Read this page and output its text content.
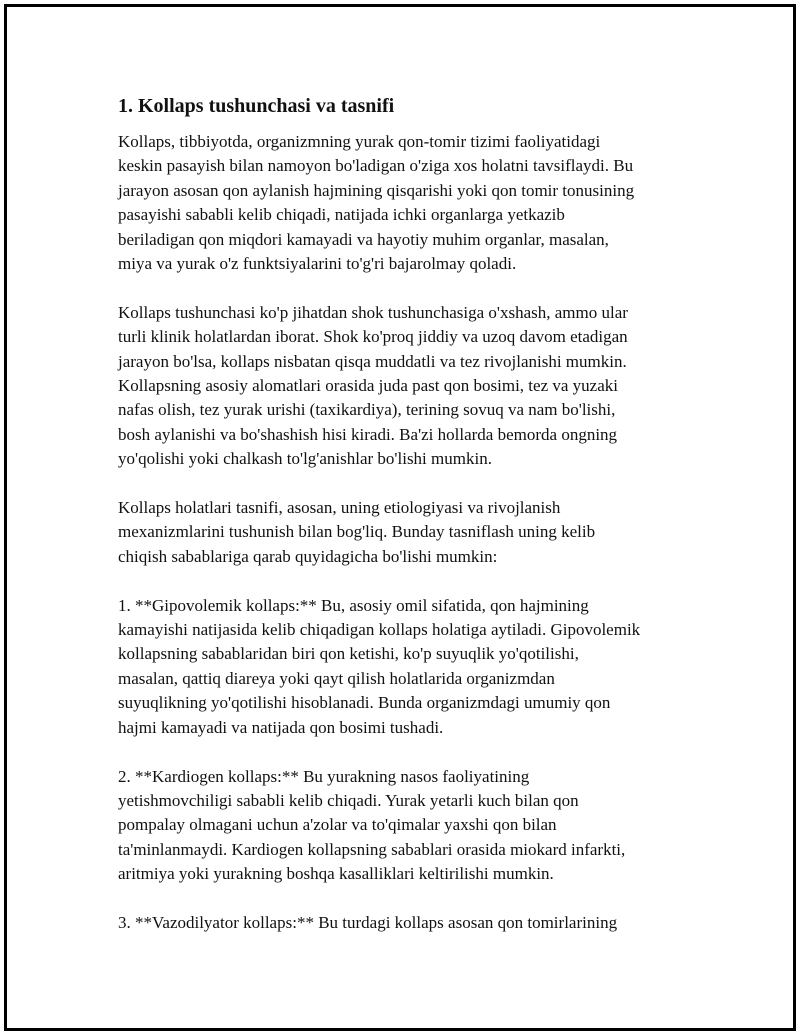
1. Kollaps tushunchasi va tasnifi

Kollaps, tibbiyotda, organizmning yurak qon-tomir tizimi faoliyatidagi
keskin pasayish bilan namoyon bo'ladigan o'ziga xos holatni tavsiflaydi. Bu
jarayon asosan qon aylanish hajmining qisqarishi yoki qon tomir tonusining
pasayishi sababli kelib chiqadi, natijada ichki organlarga yetkazib
beriladigan qon miqdori kamayadi va hayotiy muhim organlar, masalan,
miya va yurak o'z funktsiyalarini to'g'ri bajarolmay qoladi.

Kollaps tushunchasi ko'p jihatdan shok tushunchasiga o'xshash, ammo ular
turli klinik holatlardan iborat. Shok ko'proq jiddiy va uzoq davom etadigan
jarayon bo'lsa, kollaps nisbatan qisqa muddatli va tez rivojlanishi mumkin.
Kollapsning asosiy alomatlari orasida juda past qon bosimi, tez va yuzaki
nafas olish, tez yurak urishi (taxikardiya), terining sovuq va nam bo'lishi,
bosh aylanishi va bo'shashish hisi kiradi. Ba'zi hollarda bemorda ongning
yo'qolishi yoki chalkash to'lg'anishlar bo'lishi mumkin.

Kollaps holatlari tasnifi, asosan, uning etiologiyasi va rivojlanish
mexanizmlarini tushunish bilan bog'liq. Bunday tasniflash uning kelib
chiqish sabablariga qarab quyidagicha bo'lishi mumkin:

1. **Gipovolemik kollaps:** Bu, asosiy omil sifatida, qon hajmining
kamayishi natijasida kelib chiqadigan kollaps holatiga aytiladi. Gipovolemik
kollapsning sabablaridan biri qon ketishi, ko'p suyuqlik yo'qotilishi,
masalan, qattiq diareya yoki qayt qilish holatlarida organizmdan
suyuqlikning yo'qotilishi hisoblanadi. Bunda organizmdagi umumiy qon
hajmi kamayadi va natijada qon bosimi tushadi.

2. **Kardiogen kollaps:** Bu yurakning nasos faoliyatining
yetishmovchiligi sababli kelib chiqadi. Yurak yetarli kuch bilan qon
pompalay olmagani uchun a'zolar va to'qimalar yaxshi qon bilan
ta'minlanmaydi. Kardiogen kollapsning sabablari orasida miokard infarkti,
aritmiya yoki yurakning boshqa kasalliklari keltirilishi mumkin.

3. **Vazodilyator kollaps:** Bu turdagi kollaps asosan qon tomirlarining
